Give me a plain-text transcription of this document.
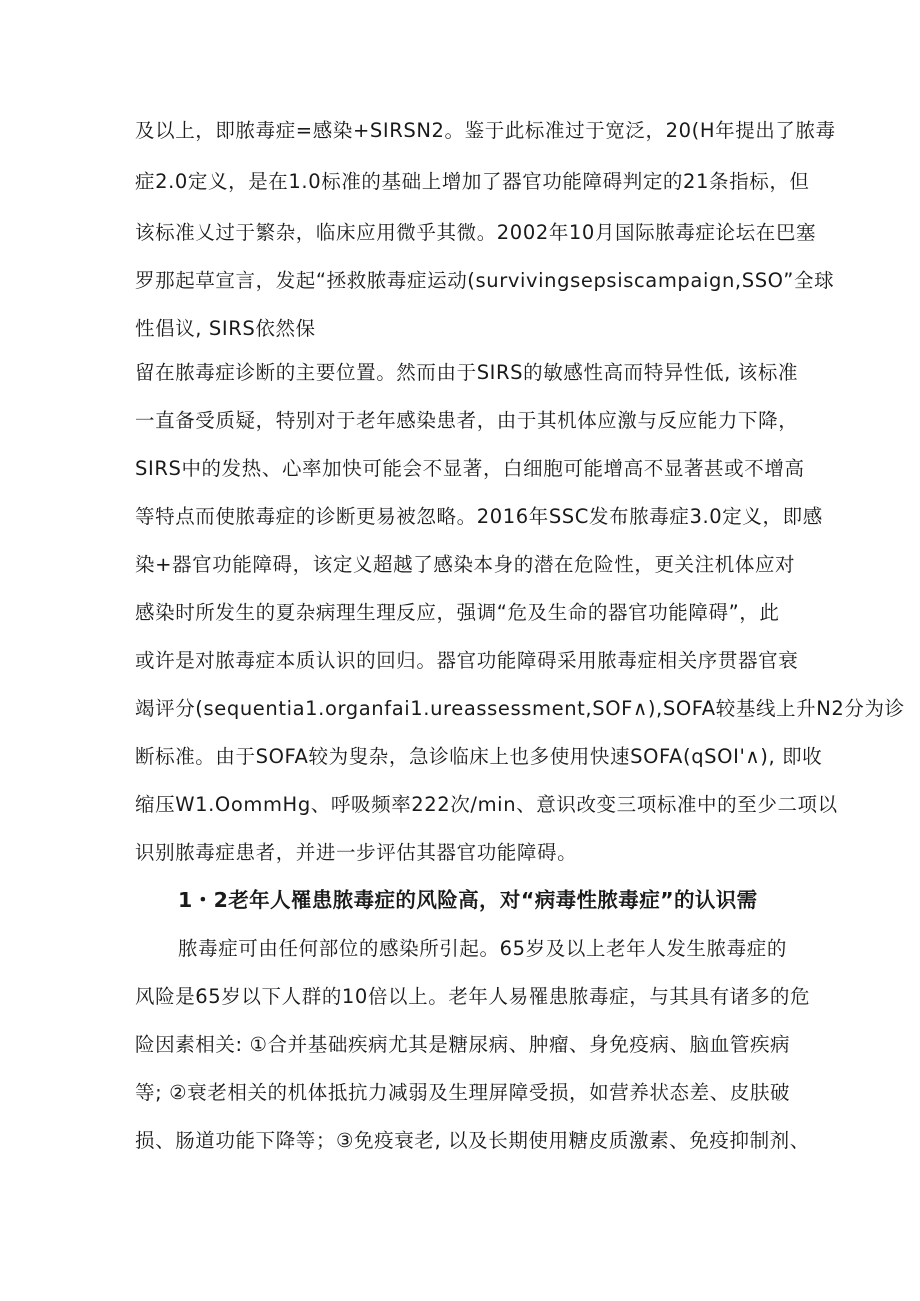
及以上，即脓毒症=感染+SIRSN2。鉴于此标准过于宽泛，20(H年提出了脓毒
症2.0定义，是在1.0标准的基础上增加了器官功能障碍判定的21条指标，但
该标准乂过于繁杂，临床应用微乎其微。2002年10月国际脓毒症论坛在巴塞
罗那起草宣言，发起“拯救脓毒症运动(survivingsepsiscampaign,SSO”全球
性倡议, SIRS依然保
留在脓毒症诊断的主要位置。然而由于SIRS的敏感性高而特异性低, 该标准
一直备受质疑，特别对于老年感染患者，由于其机体应激与反应能力下降，
SIRS中的发热、心率加快可能会不显著，白细胞可能增高不显著甚或不增高
等特点而使脓毒症的诊断更易被忽略。2016年SSC发布脓毒症3.0定义，即感
染+器官功能障碍，该定义超越了感染本身的潜在危险性，更关注机体应对
感染时所发生的夏杂病理生理反应，强调“危及生命的器官功能障碍”，此
或许是对脓毒症本质认识的回归。器官功能障碍采用脓毒症相关序贯器官衰
竭评分(sequentia1.organfai1.ureassessment,SOF∧),SOFA较基线上升N2分为诊
断标准。由于SOFA较为叟杂，急诊临床上也多使用快速SOFA(qSOI'∧), 即收
缩压W1.OommHg、呼吸频率222次/min、意识改变三项标准中的至少二项以
识别脓毒症患者，并进一步评估其器官功能障碍。
1・2老年人罹患脓毒症的风险高，对“病毒性脓毒症”的认识需
脓毒症可由任何部位的感染所引起。65岁及以上老年人发生脓毒症的
风险是65岁以下人群的10倍以上。老年人易罹患脓毒症，与其具有诸多的危
险因素相关: ①合并基础疾病尤其是糖尿病、肿瘤、身免疫病、脑血管疾病
等; ②衰老相关的机体抵抗力减弱及生理屏障受损，如营养状态差、皮肤破
损、肠道功能下降等；③免疫衰老, 以及长期使用糖皮质激素、免疫抑制剂、
